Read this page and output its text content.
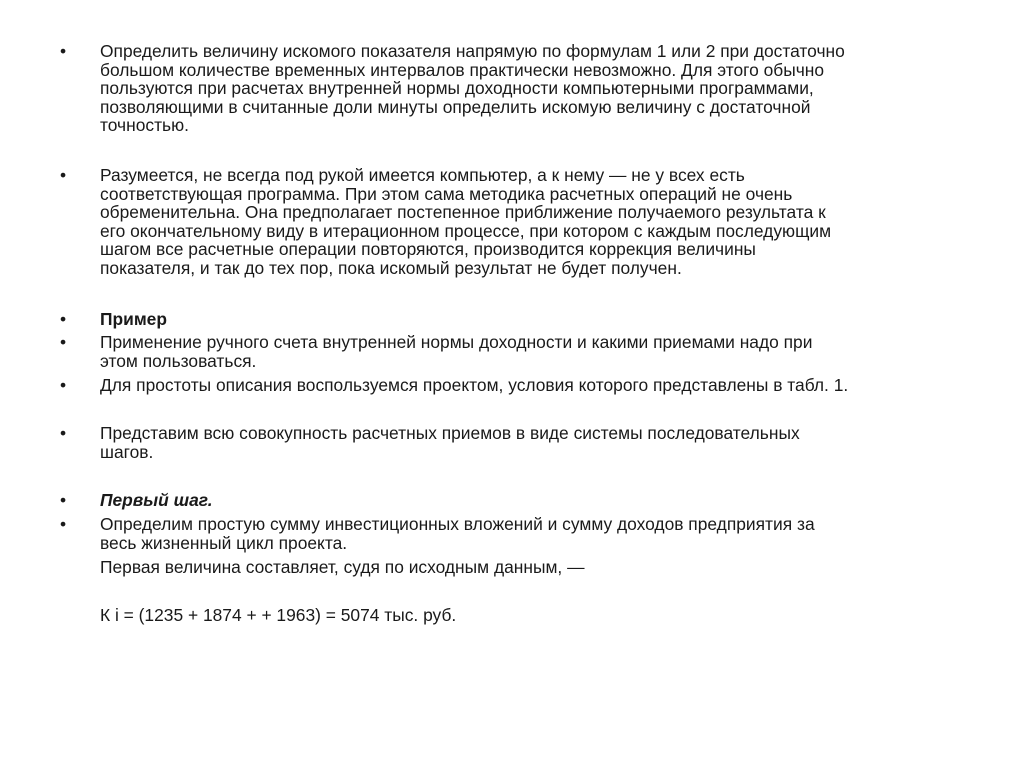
•	Определить величину искомого показателя напрямую по формулам 1 или 2 при достаточно
большом количестве временных интервалов практически невозможно. Для этого обычно
пользуются при расчетах внутренней нормы доходности компьютерными программами,
позволяющими в считанные доли минуты определить искомую величину с достаточной
точностью.
•	Разумеется, не всегда под рукой имеется компьютер, а к нему — не у всех есть
соответствующая программа. При этом сама методика расчетных операций не очень
обременительна. Она предполагает постепенное приближение получаемого результата к
его окончательному виду в итерационном процессе, при котором с каждым последующим
шагом все расчетные операции повторяются, производится коррекция величины
показателя, и так до тех пор, пока искомый результат не будет получен.
•	Пример
•	Применение ручного счета внутренней нормы доходности и какими приемами надо при
этом пользоваться.
•	Для простоты описания воспользуемся проектом, условия которого представлены в табл. 1.
•	Представим всю совокупность расчетных приемов в виде системы последовательных
шагов.
•	Первый шаг.
•	Определим простую сумму инвестиционных вложений и сумму доходов предприятия за
весь жизненный цикл проекта.
Первая величина составляет, судя по исходным данным, —
К i = (1235 + 1874 + + 1963) = 5074 тыс. руб.
